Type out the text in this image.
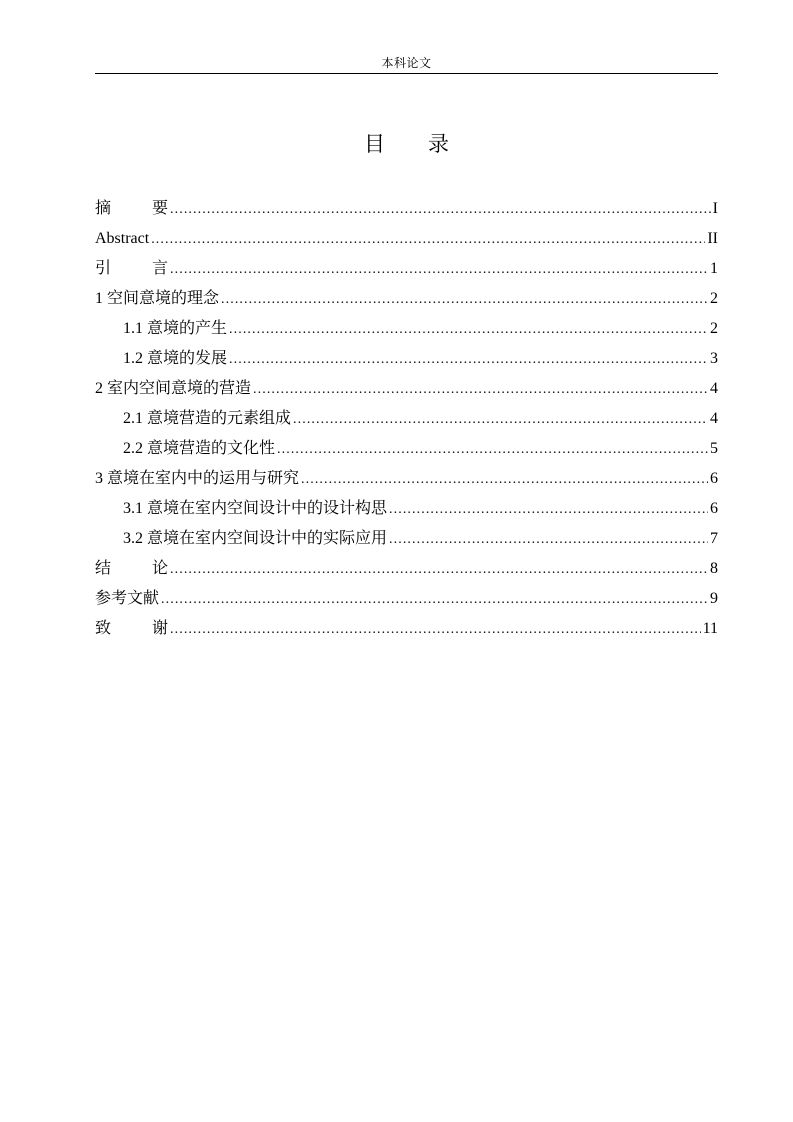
本科论文
目录
摘要 .....	I
Abstract .....	II
引言 .....	1
1 空间意境的理念 .....	2
1.1 意境的产生 .....	2
1.2 意境的发展 .....	3
2 室内空间意境的营造 .....	4
2.1 意境营造的元素组成 .....	4
2.2 意境营造的文化性 .....	5
3 意境在室内中的运用与研究 .....	6
3.1 意境在室内空间设计中的设计构思 .....	6
3.2 意境在室内空间设计中的实际应用 .....	7
结论 .....	8
参考文献 .....	9
致谢 .....	11
